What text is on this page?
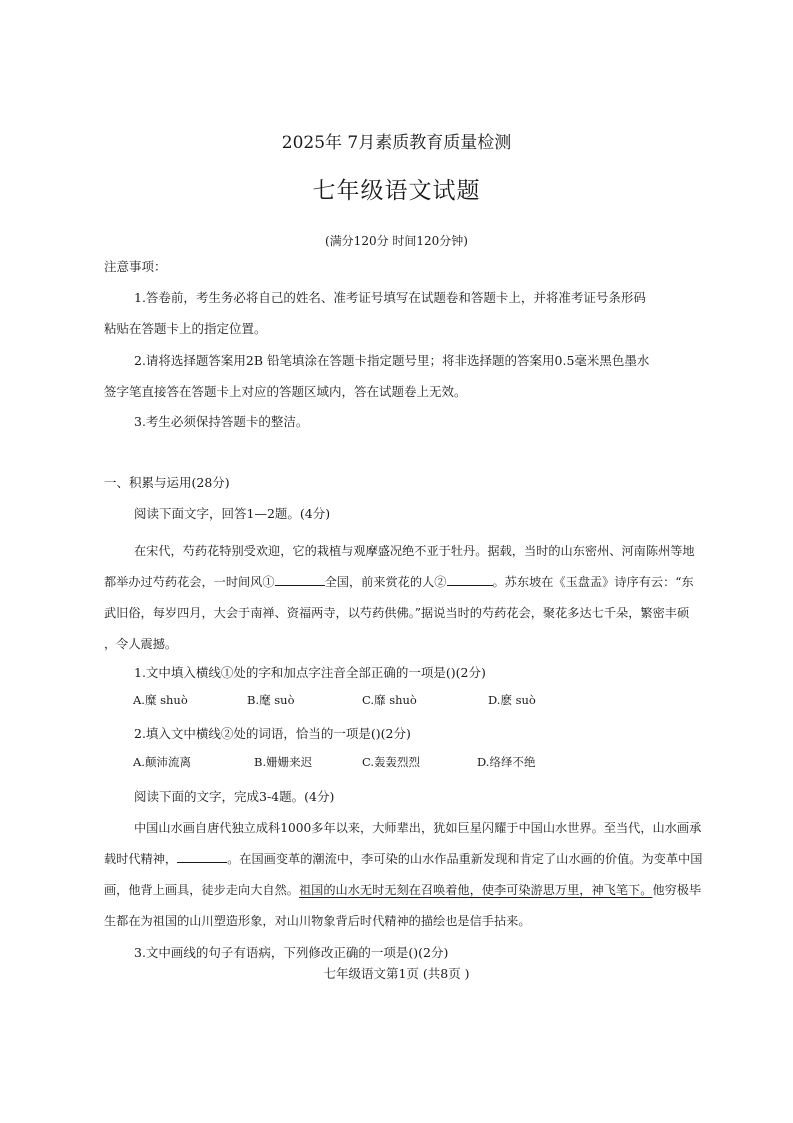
2025年 7月素质教育质量检测
七年级语文试题
(满分120分 时间120分钟)
注意事项：
1.答卷前，考生务必将自己的姓名、准考证号填写在试题卷和答题卡上，并将准考证号条形码
粘贴在答题卡上的指定位置。
2.请将选择题答案用2B 铅笔填涂在答题卡指定题号里；将非选择题的答案用0.5毫米黑色墨水
签字笔直接答在答题卡上对应的答题区域内，答在试题卷上无效。
3.考生必须保持答题卡的整洁。
一、积累与运用(28分)
阅读下面文字，回答1—2题。(4分)
在宋代，芍药花特别受欢迎，它的栽植与观摩盛况绝不亚于牡丹。据载，当时的山东密州、河南陈州等地
都举办过芍药花会，一时间风①	全国，前来赏花的人②	。苏东坡在《玉盘盂》诗序有云：“东
武旧俗，每岁四月，大会于南禅、资福两寺，以芍药供佛。”据说当时的芍药花会，聚花多达七千朵，繁密丰硕
，令人震撼。
1.文中填入横线①处的字和加点字注音全部正确的一项是()(2分)
A.糜 shuò	B.麾 suò	C.靡 shuò	D.麽 suò
2.填入文中横线②处的词语，恰当的一项是()(2分)
A.颠沛流离	B.姗姗来迟	C.轰轰烈烈	D.络绎不绝
阅读下面的文字，完成3-4题。(4分)
中国山水画自唐代独立成科1000多年以来，大师辈出，犹如巨星闪耀于中国山水世界。至当代，山水画承
载时代精神，	。在国画变革的潮流中，李可染的山水作品重新发现和肯定了山水画的价值。为变革中国
画，他背上画具，徒步走向大自然。祖国的山水无时无刻在召唤着他，使李可染游思万里，神飞笔下。他穷极毕
生都在为祖国的山川塑造形象，对山川物象背后时代精神的描绘也是信手拈来。
3.文中画线的句子有语病，下列修改正确的一项是()(2分)
七年级语文第1页 (共8页 )
